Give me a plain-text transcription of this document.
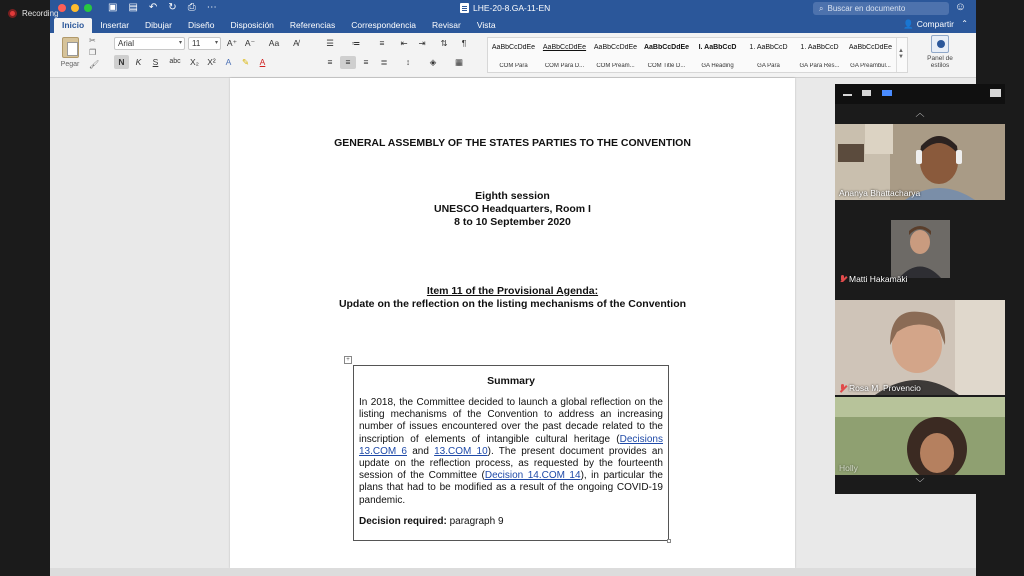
Recording
▣ ▤ ↶ ↻ ⎙ ⋯	LHE-20-8.GA-11-EN	⌕ Buscar en documento	☺
Inicio	Insertar	Dibujar	Diseño	Disposición	Referencias	Correspondencia	Revisar	Vista	👤 Compartir ⌃
Pegar
✂
❐
🖌
Arial	▾	11 ▾	A⁺ A⁻	Aa	A̸
N	K	S	abc	X₂ X²	A	✎	A
☰	≔	≡	⇤	⇥	⇅	¶
≡	≡	≡	≣	↕	◈	▦
AaBbCcDdEe
COM Para
AaBbCcDdEe
COM Para D...
AaBbCcDdEe
COM Pream...
AaBbCcDdEe
COM Title D...
I. AaBbCcD
GA Heading
1. AaBbCcD
GA Para
1. AaBbCcD
GA Para Res...
AaBbCcDdEe
GA Preambul...
▲
▼	Panel de
estilos
GENERAL ASSEMBLY OF THE STATES PARTIES TO THE CONVENTION
Eighth session
UNESCO Headquarters, Room I
8 to 10 September 2020
Item 11 of the Provisional Agenda:
Update on the reflection on the listing mechanisms of the Convention
+
Summary

In 2018, the Committee decided to launch a global reflection on the listing mechanisms of the Convention to address an increasing number of issues encountered over the past decade related to the inscription of elements of intangible cultural heritage (Decisions 13.COM 6 and 13.COM 10). The present document provides an update on the reflection process, as requested by the fourteenth session of the Committee (Decision 14.COM 14), in particular the plans that had to be modified as a result of the ongoing COVID-19 pandemic.

Decision required: paragraph 9
︿
Ananya Bhattacharya
Matti Hakamäki
Rosa M. Provencio
Holly
﹀
